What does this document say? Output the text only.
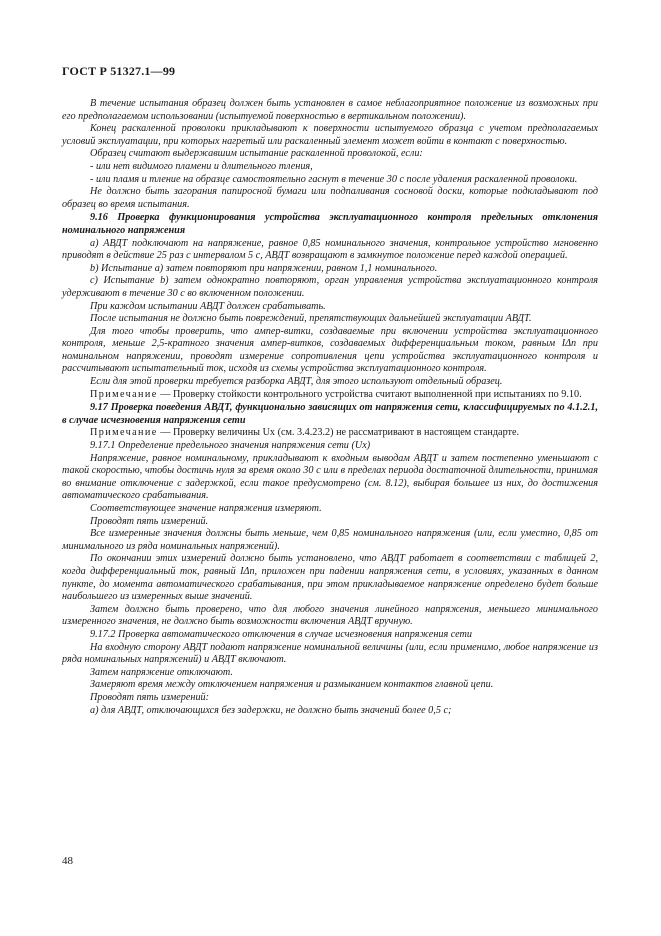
ГОСТ Р 51327.1—99

В течение испытания образец должен быть установлен в самое неблагоприятное положение из возможных при его предполагаемом использовании (испытуемой поверхностью в вертикальном положении).

Конец раскаленной проволоки прикладывают к поверхности испытуемого образца с учетом предполагаемых условий эксплуатации, при которых нагретый или раскаленный элемент может войти в контакт с поверхностью.

Образец считают выдержавшим испытание раскаленной проволокой, если:

- или нет видимого пламени и длительного тления,

- или пламя и тление на образце самостоятельно гаснут в течение 30 с после удаления раскаленной проволоки.

Не должно быть загорания папиросной бумаги или подпаливания сосновой доски, которые подкладывают под образец во время испытания.

9.16 Проверка функционирования устройства эксплуатационного контроля предельных отклонения номинального напряжения

а) АВДТ подключают на напряжение, равное 0,85 номинального значения, контрольное устройство мгновенно приводят в действие 25 раз с интервалом 5 с, АВДТ возвращают в замкнутое положение перед каждой операцией.

b) Испытание а) затем повторяют при напряжении, равном 1,1 номинального.

с) Испытание b) затем однократно повторяют, орган управления устройства эксплуатационного контроля удерживают в течение 30 с во включенном положении.

При каждом испытании АВДТ должен срабатывать.

После испытания не должно быть повреждений, препятствующих дальнейшей эксплуатации АВДТ.

Для того чтобы проверить, что ампер-витки, создаваемые при включении устройства эксплуатационного контроля, меньше 2,5-кратного значения ампер-витков, создаваемых дифференциальным током, равным IΔn при номинальном напряжении, проводят измерение сопротивления цепи устройства эксплуатационного контроля и рассчитывают испытательный ток, исходя из схемы устройства эксплуатационного контроля.

Если для этой проверки требуется разборка АВДТ, для этого используют отдельный образец.

Примечание — Проверку стойкости контрольного устройства считают выполненной при испытаниях по 9.10.

9.17 Проверка поведения АВДТ, функционально зависящих от напряжения сети, классифицируемых по 4.1.2.1, в случае исчезновения напряжения сети

Примечание — Проверку величины Ux (см. 3.4.23.2) не рассматривают в настоящем стандарте.

9.17.1 Определение предельного значения напряжения сети (Ux)

Напряжение, равное номинальному, прикладывают к входным выводам АВДТ и затем постепенно уменьшают с такой скоростью, чтобы достичь нуля за время около 30 с или в пределах периода достаточной длительности, принимая во внимание отключение с задержкой, если такое предусмотрено (см. 8.12), выбирая большее из них, до достижения автоматического срабатывания.

Соответствующее значение напряжения измеряют.

Проводят пять измерений.

Все измеренные значения должны быть меньше, чем 0,85 номинального напряжения (или, если уместно, 0,85 от минимального из ряда номинальных напряжений).

По окончании этих измерений должно быть установлено, что АВДТ работает в соответствии с таблицей 2, когда дифференциальный ток, равный IΔn, приложен при падении напряжения сети, в условиях, указанных в данном пункте, до момента автоматического срабатывания, при этом прикладываемое напряжение определено будет больше наибольшего из измеренных выше значений.

Затем должно быть проверено, что для любого значения линейного напряжения, меньшего минимального измеренного значения, не должно быть возможности включения АВДТ вручную.

9.17.2 Проверка автоматического отключения в случае исчезновения напряжения сети

На входную сторону АВДТ подают напряжение номинальной величины (или, если применимо, любое напряжение из ряда номинальных напряжений) и АВДТ включают.

Затем напряжение отключают.

Замеряют время между отключением напряжения и размыканием контактов главной цепи.

Проводят пять измерений:

а) для АВДТ, отключающихся без задержки, не должно быть значений более 0,5 с;

48
